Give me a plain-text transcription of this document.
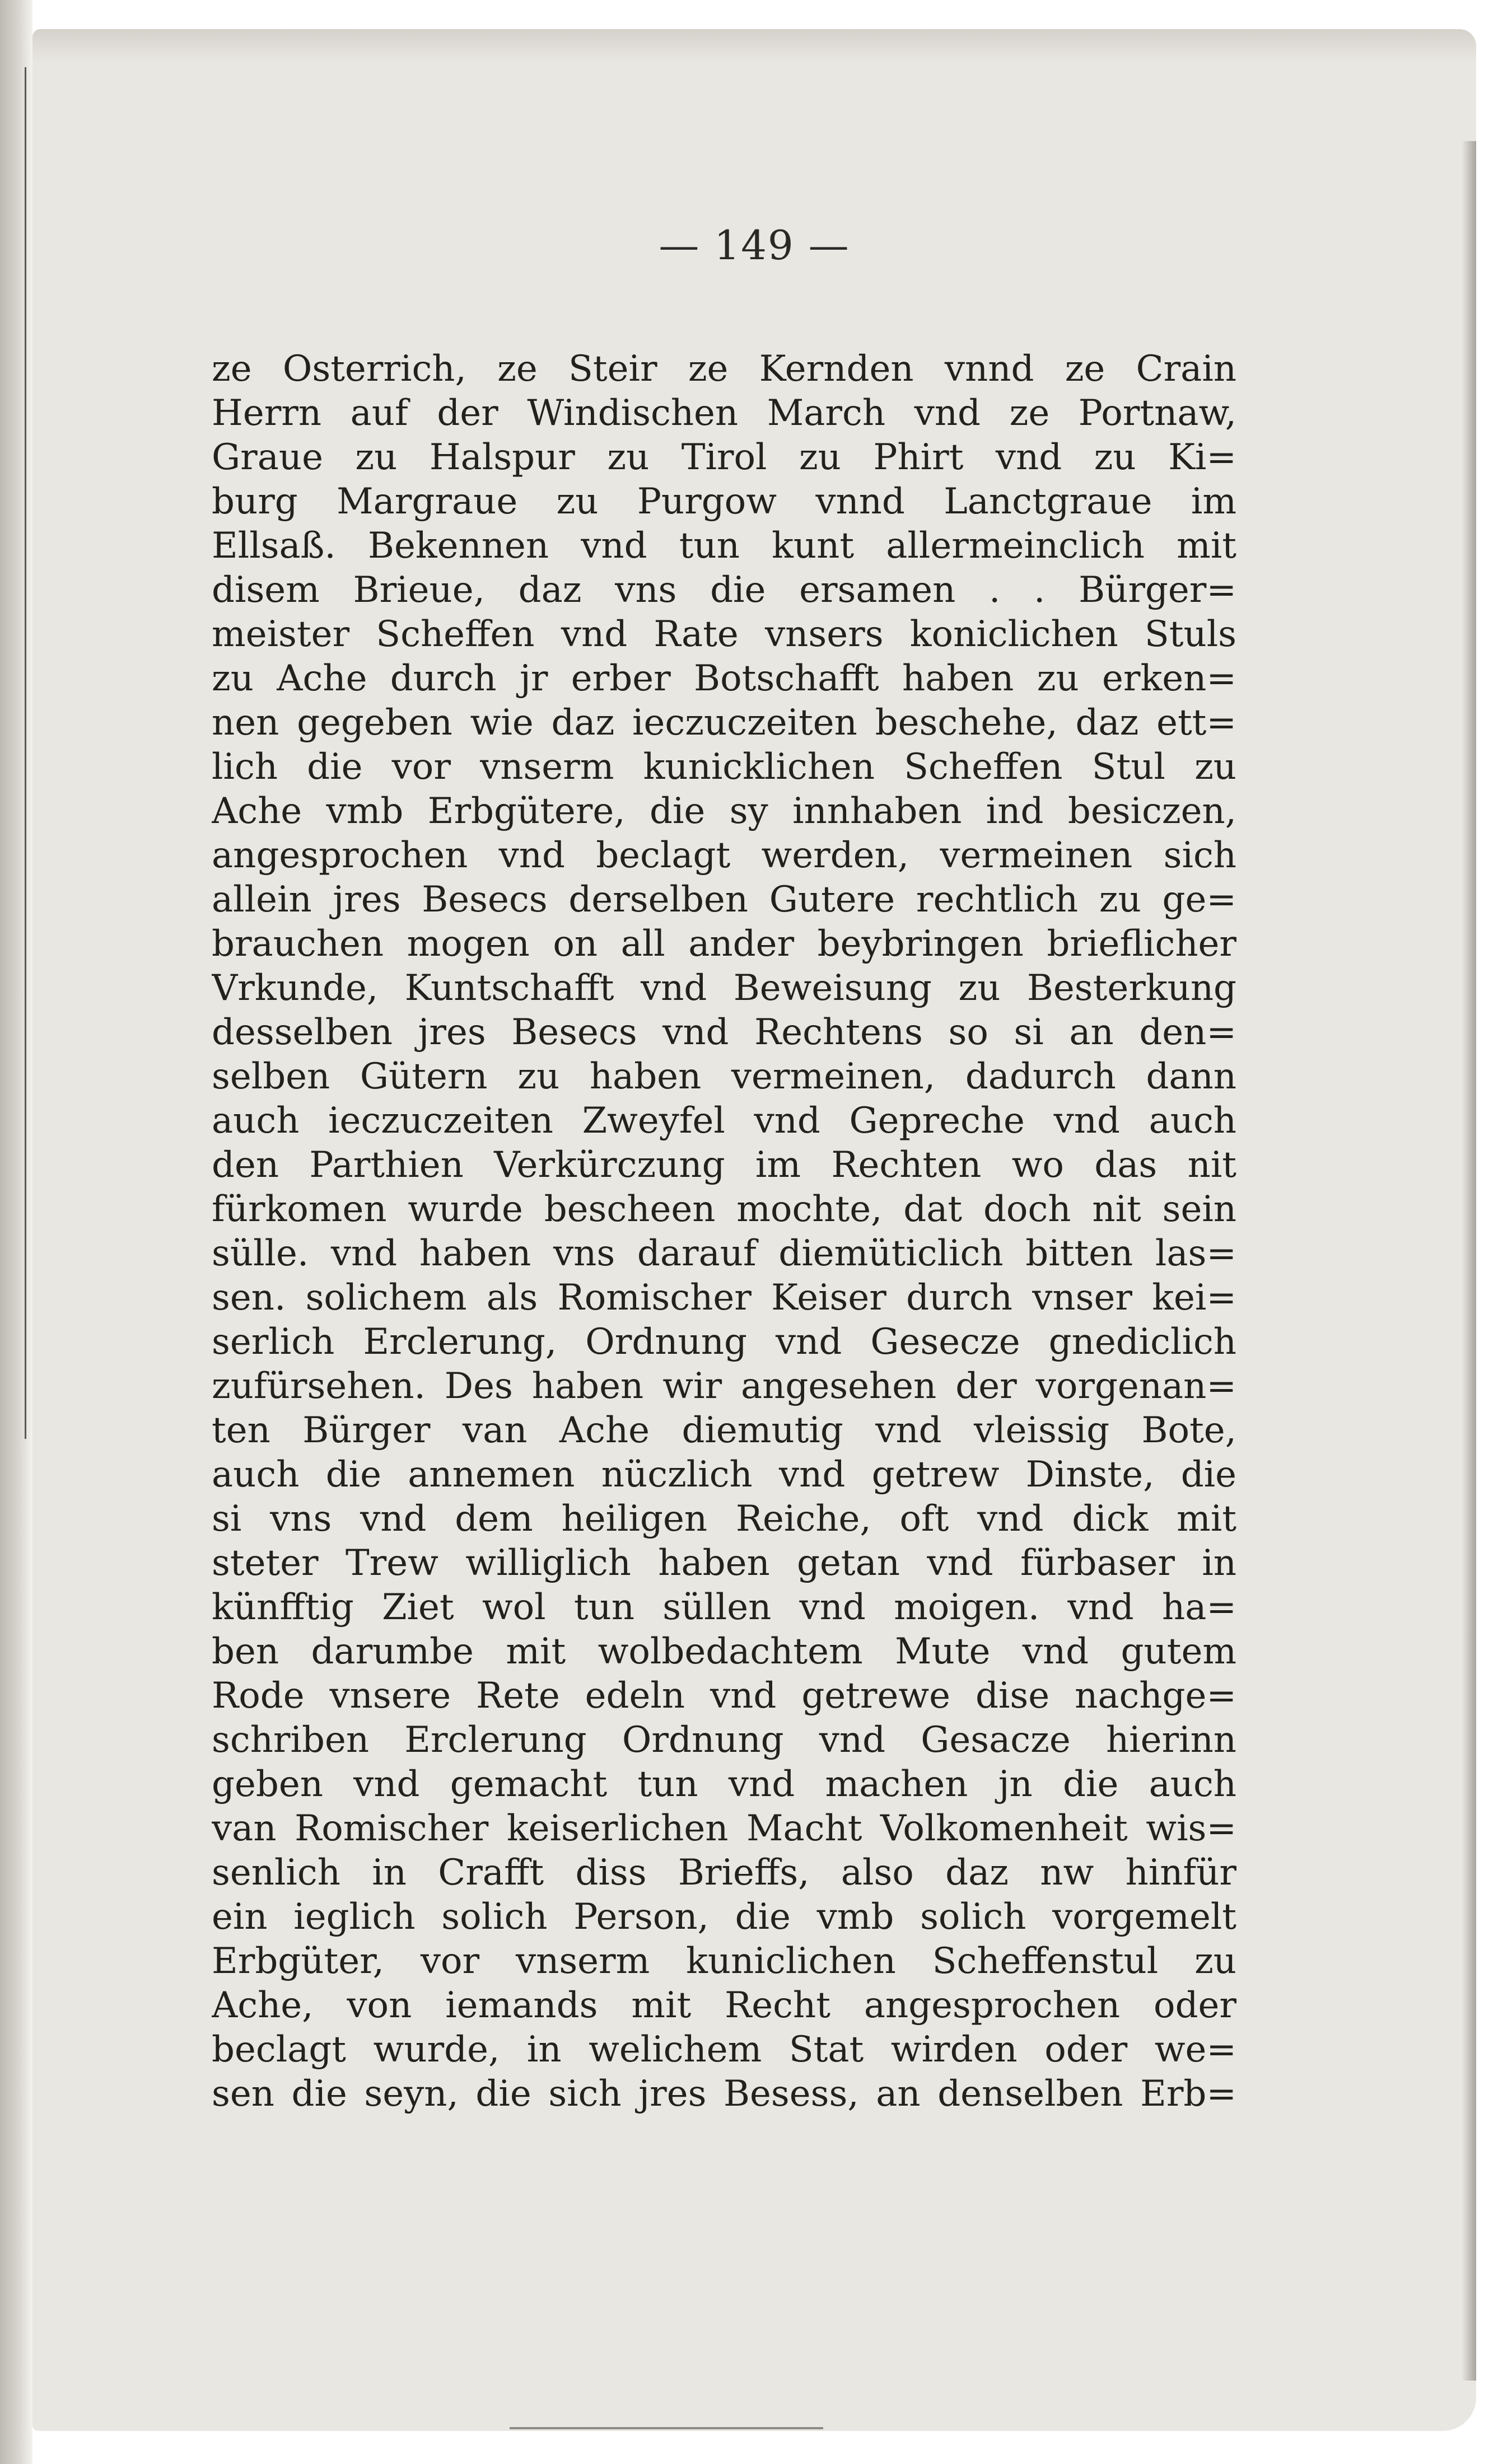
— 149 —
ze Osterrich, ze Steir ze Kernden vnnd ze Crain
Herrn auf der Windischen March vnd ze Portnaw,
Graue zu Halspur zu Tirol zu Phirt vnd zu Ki=
burg Margraue zu Purgow vnnd Lanctgraue im
Ellsaß. Bekennen vnd tun kunt allermeinclich mit
disem Brieue, daz vns die ersamen . . Bürger=
meister Scheffen vnd Rate vnsers koniclichen Stuls
zu Ache durch jr erber Botschafft haben zu erken=
nen gegeben wie daz ieczuczeiten beschehe, daz ett=
lich die vor vnserm kunicklichen Scheffen Stul zu
Ache vmb Erbgütere, die sy innhaben ind besiczen,
angesprochen vnd beclagt werden, vermeinen sich
allein jres Besecs derselben Gutere rechtlich zu ge=
brauchen mogen on all ander beybringen brieflicher
Vrkunde, Kuntschafft vnd Beweisung zu Besterkung
desselben jres Besecs vnd Rechtens so si an den=
selben Gütern zu haben vermeinen, dadurch dann
auch ieczuczeiten Zweyfel vnd Geprechе vnd auch
den Parthien Verkürczung im Rechten wo das nit
fürkomen wurde bescheen mochte, dat doch nit sein
sülle. vnd haben vns darauf diemüticlich bitten las=
sen. solichem als Romischer Keiser durch vnser kei=
serlich Erclerung, Ordnung vnd Gesecze gnediclich
zufürsehen. Des haben wir angesehen der vorgenan=
ten Bürger van Ache diemutig vnd vleissig Bote,
auch die annemen nüczlich vnd getrew Dinste, die
si vns vnd dem heiligen Reiche, oft vnd dick mit
steter Trew williglich haben getan vnd fürbaser in
künfftig Ziet wol tun süllen vnd moigen. vnd ha=
ben darumbe mit wolbedachtem Mute vnd gutem
Rode vnsere Rete edeln vnd getrewe dise nachge=
schriben Erclerung Ordnung vnd Gesacze hierinn
geben vnd gemacht tun vnd machen jn die auch
van Romischer keiserlichen Macht Volkomenheit wis=
senlich in Crafft diss Brieffs, also daz nw hinfür
ein ieglich solich Person, die vmb solich vorgemelt
Erbgüter, vor vnserm kuniclichen Scheffenstul zu
Ache, von iemands mit Recht angesprochen oder
beclagt wurde, in welichem Stat wirden oder we=
sen die seyn, die sich jres Besess, an denselben Erb=
